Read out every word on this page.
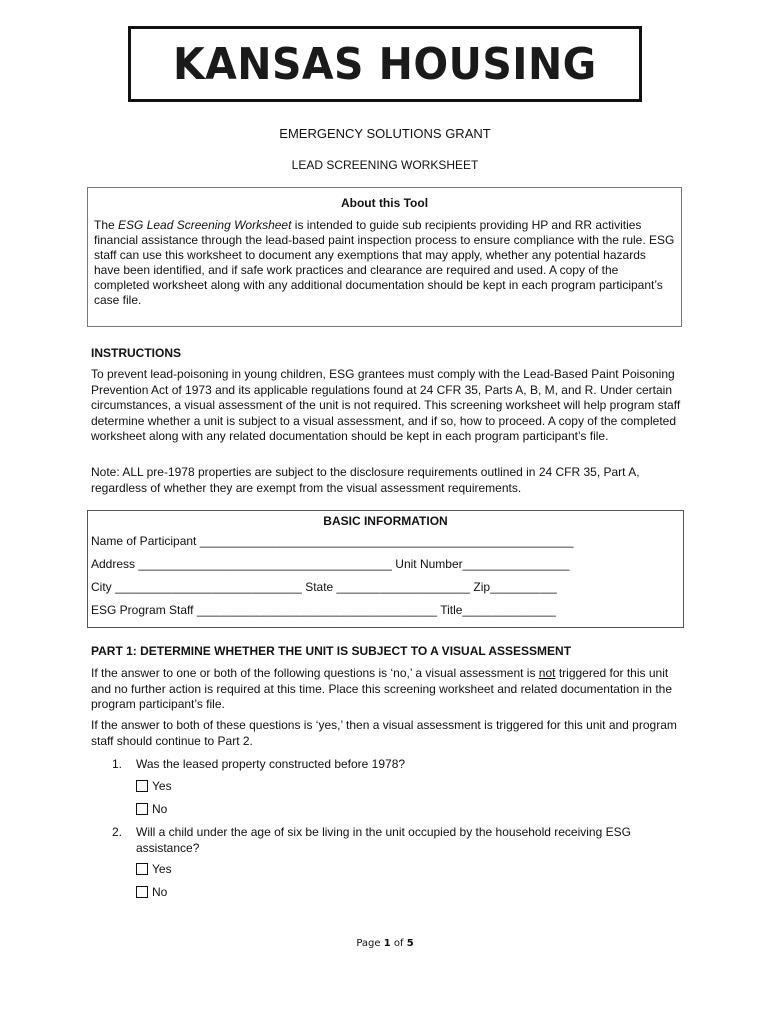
KANSAS HOUSING
EMERGENCY SOLUTIONS GRANT
LEAD SCREENING WORKSHEET
About this Tool
The ESG Lead Screening Worksheet is intended to guide sub recipients providing HP and RR activities financial assistance through the lead-based paint inspection process to ensure compliance with the rule. ESG staff can use this worksheet to document any exemptions that may apply, whether any potential hazards have been identified, and if safe work practices and clearance are required and used. A copy of the completed worksheet along with any additional documentation should be kept in each program participant’s case file.
INSTRUCTIONS
To prevent lead-poisoning in young children, ESG grantees must comply with the Lead-Based Paint Poisoning Prevention Act of 1973 and its applicable regulations found at 24 CFR 35, Parts A, B, M, and R. Under certain circumstances, a visual assessment of the unit is not required. This screening worksheet will help program staff determine whether a unit is subject to a visual assessment, and if so, how to proceed. A copy of the completed worksheet along with any related documentation should be kept in each program participant’s file.
Note: ALL pre-1978 properties are subject to the disclosure requirements outlined in 24 CFR 35, Part A, regardless of whether they are exempt from the visual assessment requirements.
BASIC INFORMATION
Name of Participant ________________________________________________________
Address ______________________________________ Unit Number________________
City ____________________________ State ____________________ Zip__________
ESG Program Staff ____________________________________ Title______________
PART 1: DETERMINE WHETHER THE UNIT IS SUBJECT TO A VISUAL ASSESSMENT
If the answer to one or both of the following questions is ‘no,’ a visual assessment is not triggered for this unit and no further action is required at this time. Place this screening worksheet and related documentation in the program participant’s file.
If the answer to both of these questions is ‘yes,’ then a visual assessment is triggered for this unit and program staff should continue to Part 2.
1. Was the leased property constructed before 1978?
Yes
No
2. Will a child under the age of six be living in the unit occupied by the household receiving ESG assistance?
Yes
No
Page 1 of 5
